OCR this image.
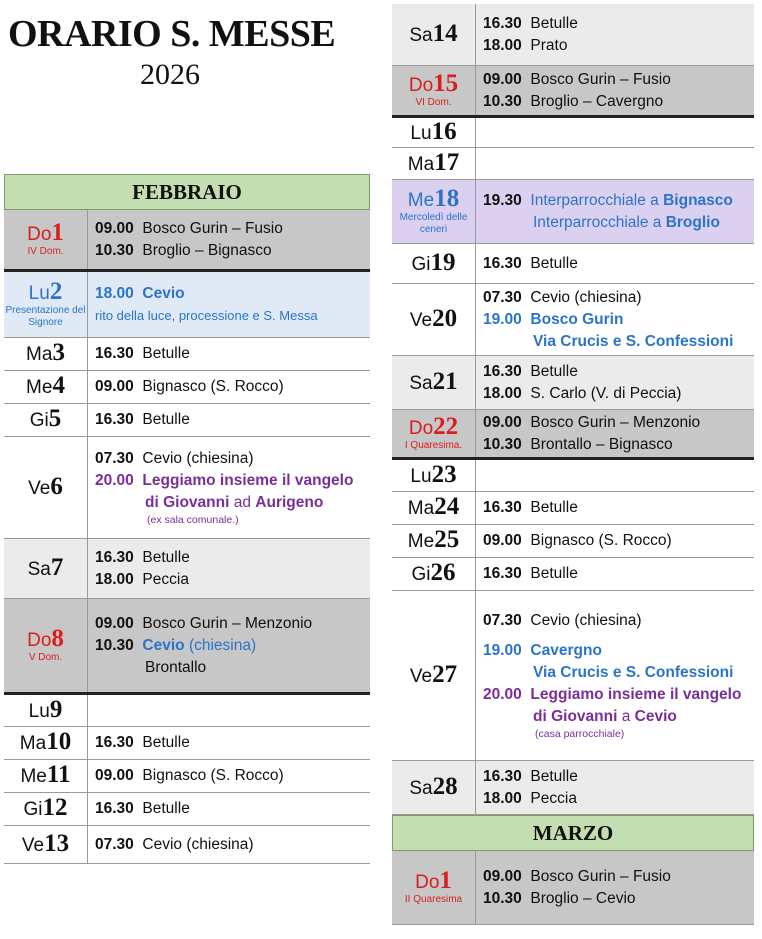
ORARIO S. MESSE
2026
FEBBRAIO
Do1
IV Dom.
09.00 Bosco Gurin – Fusio
10.30 Broglio – Bignasco
Lu2
Presentazione del Signore
18.00 Cevio
rito della luce, processione e S. Messa
Ma3 16.30 Betulle
Me4 09.00 Bignasco (S. Rocco)
Gi5 16.30 Betulle
Ve6
07.30 Cevio (chiesina)
20.00 Leggiamo insieme il vangelo
di Giovanni ad Aurigeno
(ex sala comunale.)
Sa7 16.30 Betulle
18.00 Peccia
Do8
V Dom.
09.00 Bosco Gurin – Menzonio
10.30 Cevio (chiesina)
Brontallo
Lu9
Ma10 16.30 Betulle
Me11 09.00 Bignasco (S. Rocco)
Gi12 16.30 Betulle
Ve13 07.30 Cevio (chiesina)
Sa14 16.30 Betulle
18.00 Prato
Do15
VI Dom.
09.00 Bosco Gurin – Fusio
10.30 Broglio – Cavergno
Lu16
Ma17
Me18
Mercoledì delle ceneri
19.30 Interparrocchiale a Bignasco
Interparrocchiale a Broglio
Gi19 16.30 Betulle
Ve20
07.30 Cevio (chiesina)
19.00 Bosco Gurin
Via Crucis e S. Confessioni
Sa21 16.30 Betulle
18.00 S. Carlo (V. di Peccia)
Do22
I Quaresima.
09.00 Bosco Gurin – Menzonio
10.30 Brontallo – Bignasco
Lu23
Ma24 16.30 Betulle
Me25 09.00 Bignasco (S. Rocco)
Gi26 16.30 Betulle
Ve27
07.30 Cevio (chiesina)
19.00 Cavergno
Via Crucis e S. Confessioni
20.00 Leggiamo insieme il vangelo
di Giovanni a Cevio
(casa parrocchiale)
Sa28 16.30 Betulle
18.00 Peccia
MARZO
Do1
II Quaresima
09.00 Bosco Gurin – Fusio
10.30 Broglio – Cevio
